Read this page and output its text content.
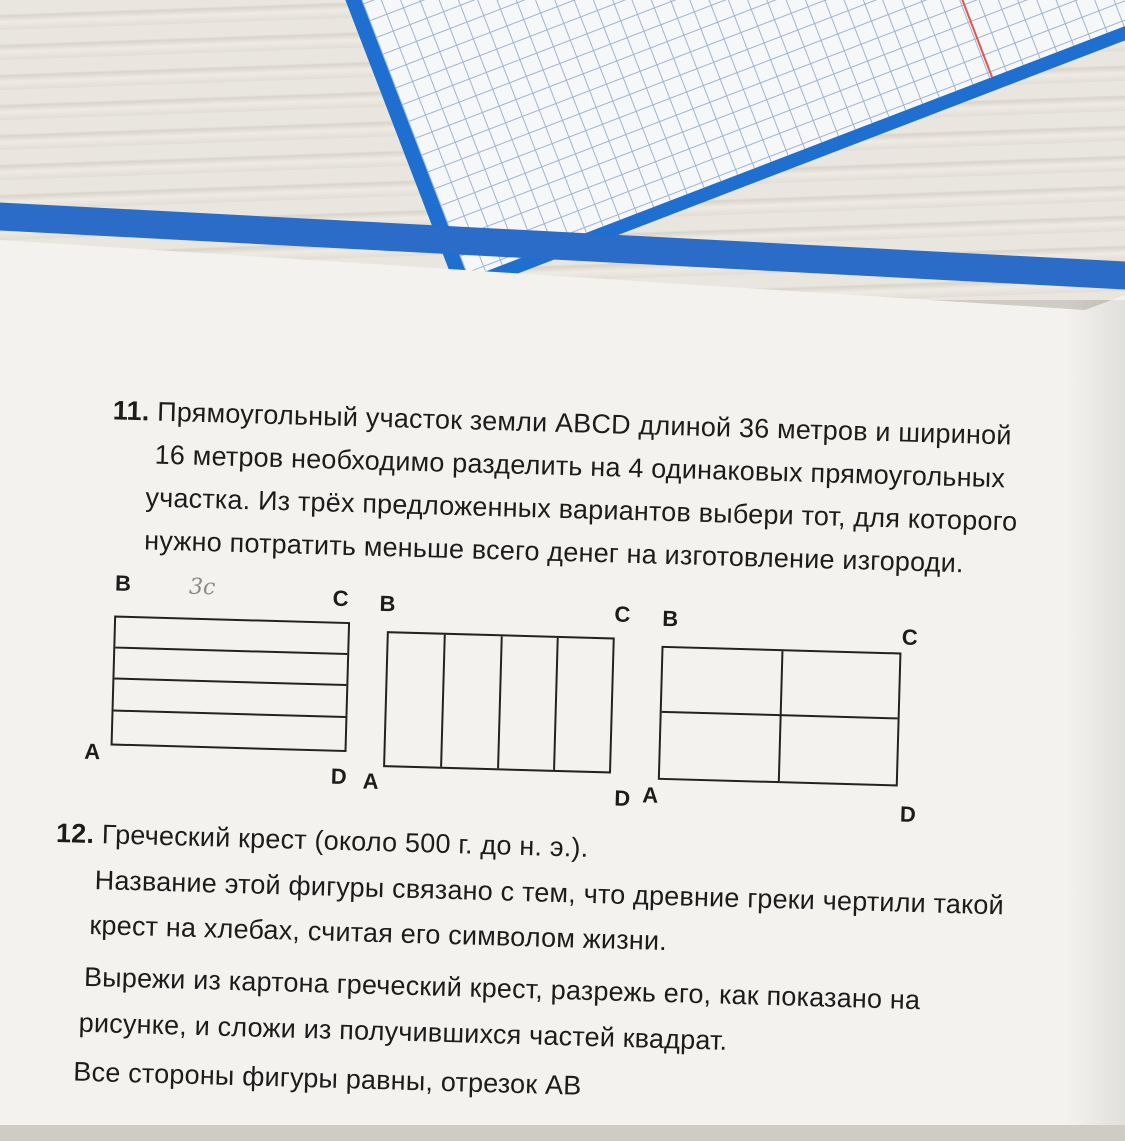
11. Прямоугольный участок земли ABCD длиной 36 метров и шириной
16 метров необходимо разделить на 4 одинаковых прямоугольных
участка. Из трёх предложенных вариантов выбери тот, для которого
нужно потратить меньше всего денег на изготовление изгороди.
B	3с	C
A
D
B	C
A
D
B
C
A
D
12. Греческий крест (около 500 г. до н. э.).
Название этой фигуры связано с тем, что древние греки чертили такой
крест на хлебах, считая его символом жизни.
Вырежи из картона греческий крест, разрежь его, как показано на
рисунке, и сложи из получившихся частей квадрат.
Все стороны фигуры равны, отрезок АВ
